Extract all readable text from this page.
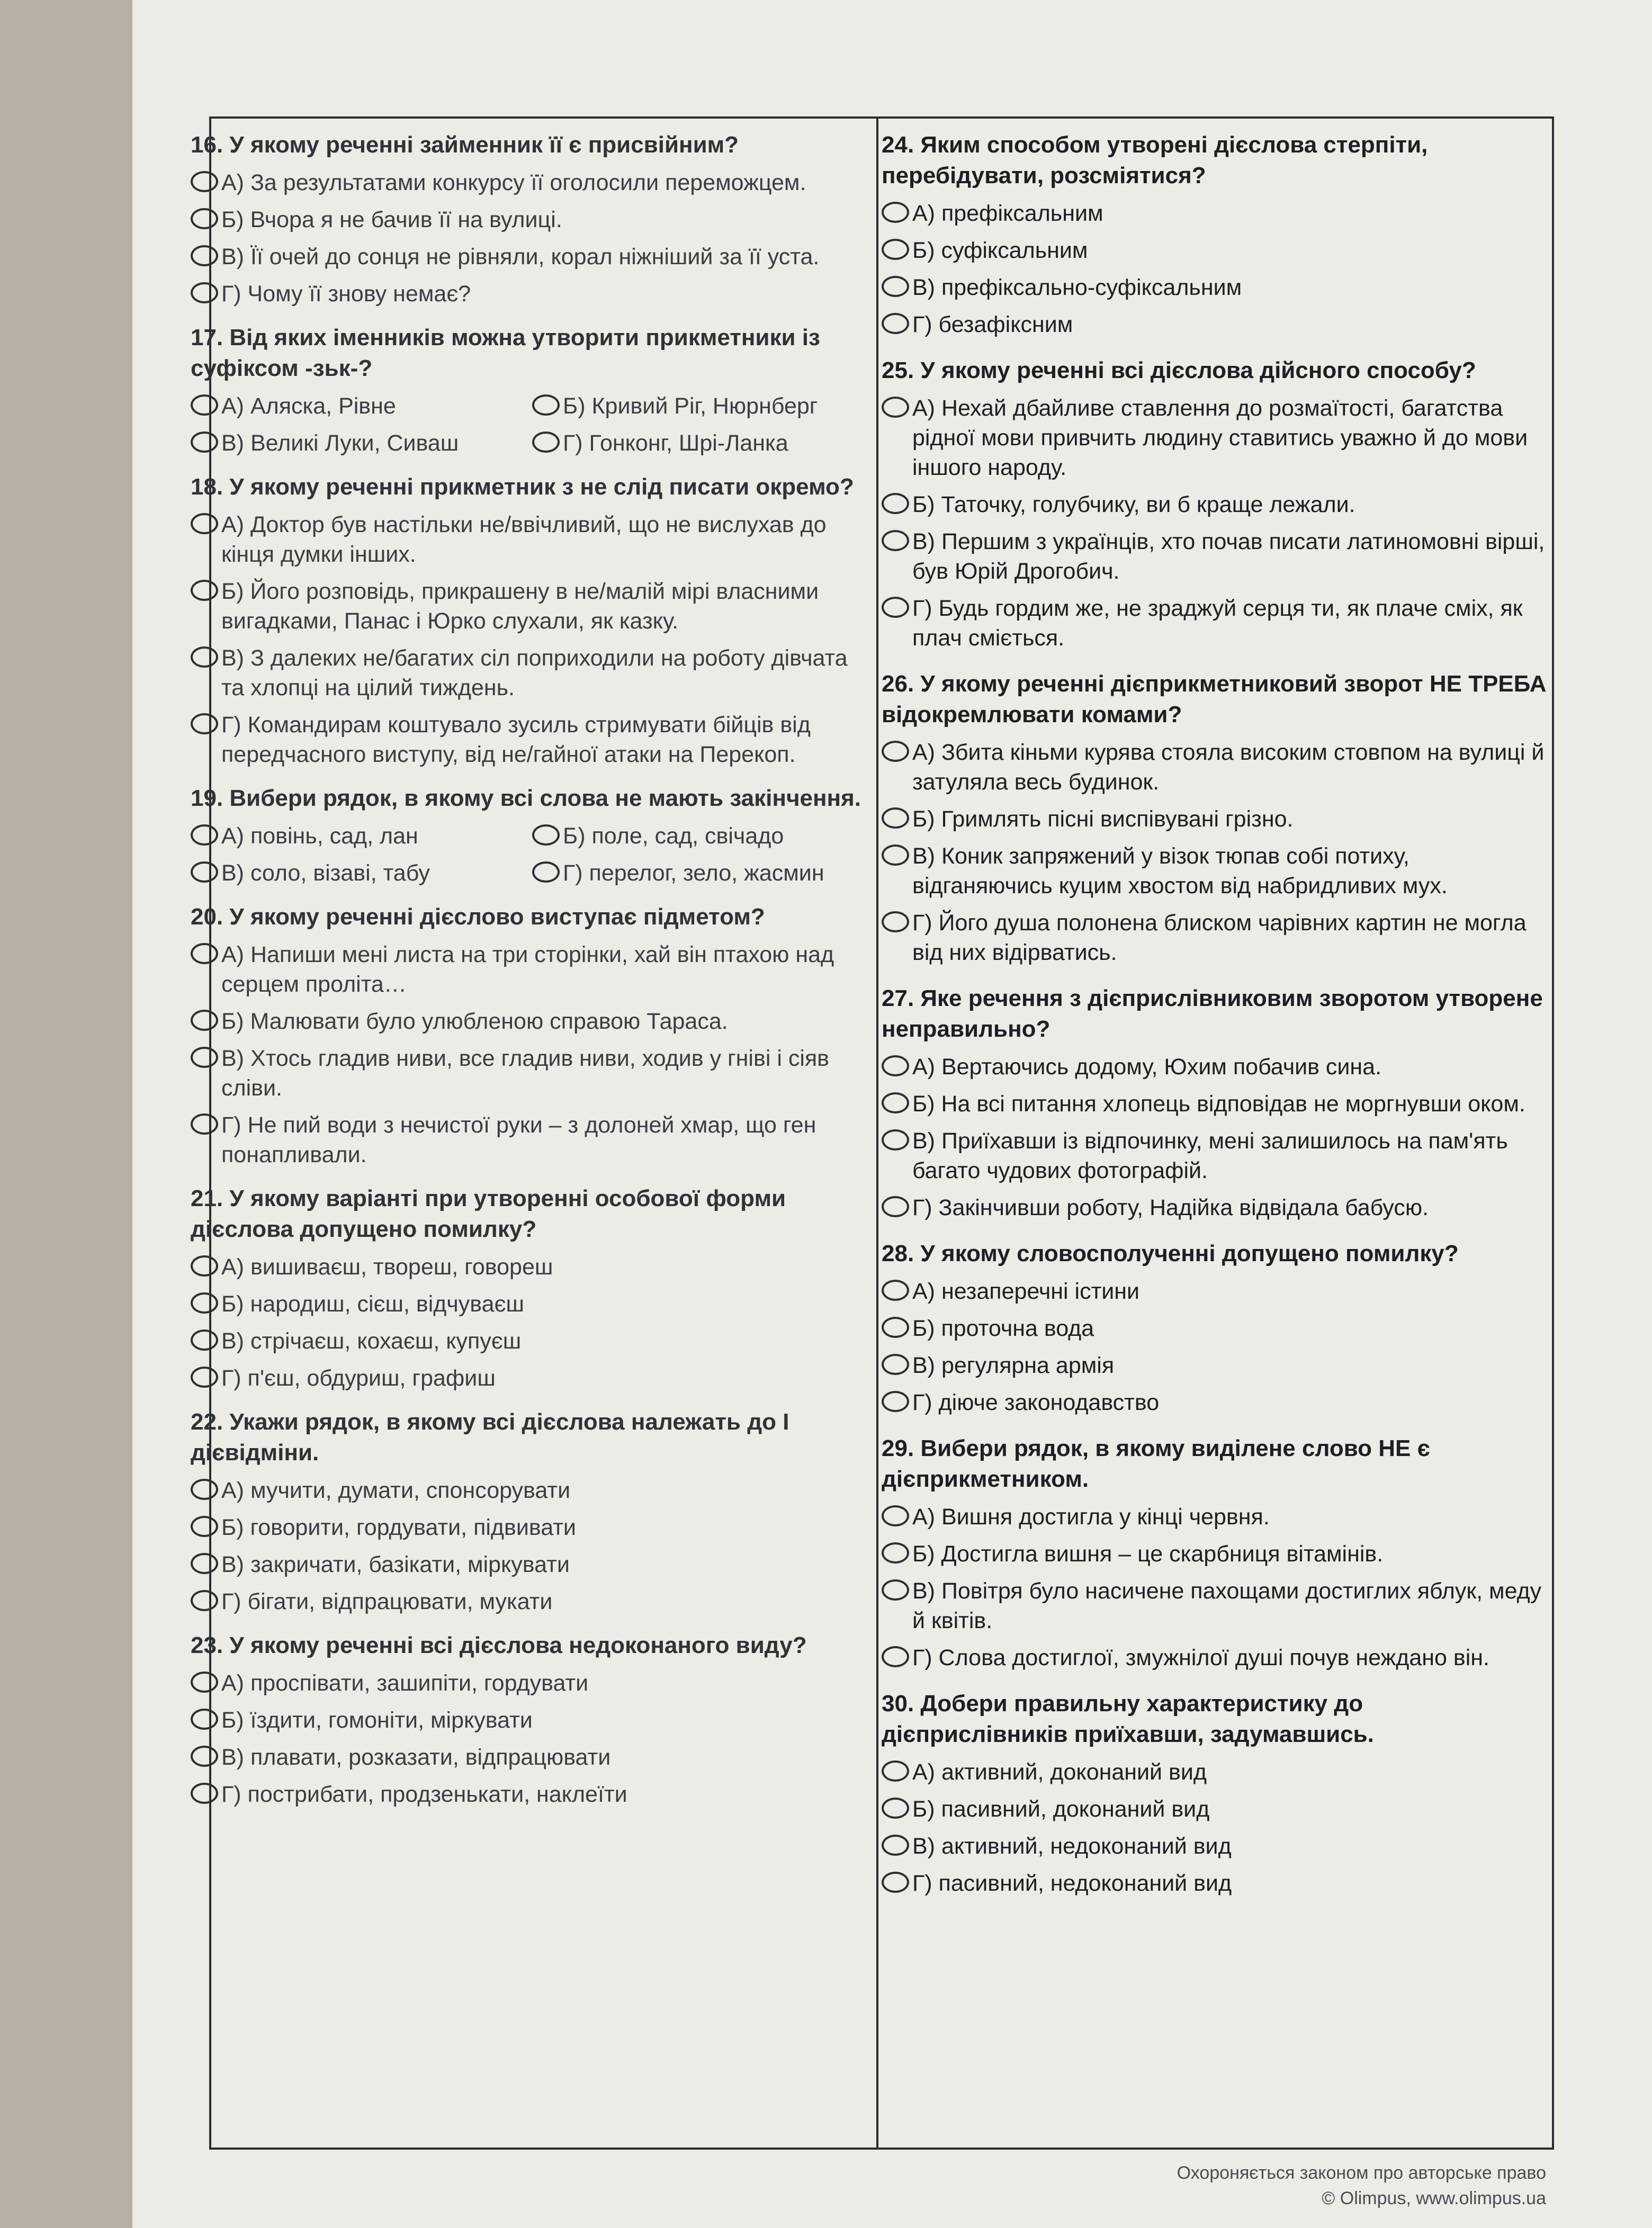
16. У якому реченні займенник її є присвійним?
А) За результатами конкурсу її оголосили переможцем.
Б) Вчора я не бачив її на вулиці.
В) Її очей до сонця не рівняли, корал ніжніший за її уста.
Г) Чому її знову немає?
17. Від яких іменників можна утворити прикметники із суфіксом -зьк-?
А) Аляска, Рівне	Б) Кривий Ріг, Нюрнберг
В) Великі Луки, Сиваш	Г) Гонконг, Шрі-Ланка
18. У якому реченні прикметник з не слід писати окремо?
А) Доктор був настільки не/ввічливий, що не вислухав до кінця думки інших.
Б) Його розповідь, прикрашену в не/малій мірі власними вигадками, Панас і Юрко слухали, як казку.
В) З далеких не/багатих сіл поприходили на роботу дівчата та хлопці на цілий тиждень.
Г) Командирам коштувало зусиль стримувати бійців від передчасного виступу, від не/гайної атаки на Перекоп.
19. Вибери рядок, в якому всі слова не мають закінчення.
А) повінь, сад, лан	Б) поле, сад, свічадо
В) соло, візаві, табу	Г) перелог, зело, жасмин
20. У якому реченні дієслово виступає підметом?
А) Напиши мені листа на три сторінки, хай він птахою над серцем проліта…
Б) Малювати було улюбленою справою Тараса.
В) Хтось гладив ниви, все гладив ниви, ходив у гніві і сіяв сліви.
Г) Не пий води з нечистої руки – з долоней хмар, що ген понапливали.
21. У якому варіанті при утворенні особової форми дієслова допущено помилку?
А) вишиваєш, твореш, говореш
Б) народиш, сієш, відчуваєш
В) стрічаєш, кохаєш, купуєш
Г) п'єш, обдуриш, графиш
22. Укажи рядок, в якому всі дієслова належать до І дієвідміни.
А) мучити, думати, спонсорувати
Б) говорити, гордувати, підвивати
В) закричати, базікати, міркувати
Г) бігати, відпрацювати, мукати
23. У якому реченні всі дієслова недоконаного виду?
А) проспівати, зашипіти, гордувати
Б) їздити, гомоніти, міркувати
В) плавати, розказати, відпрацювати
Г) пострибати, продзенькати, наклеїти
24. Яким способом утворені дієслова стерпіти, перебідувати, розсміятися?
А) префіксальним
Б) суфіксальним
В) префіксально-суфіксальним
Г) безафіксним
25. У якому реченні всі дієслова дійсного способу?
А) Нехай дбайливе ставлення до розмаїтості, багатства рідної мови привчить людину ставитись уважно й до мови іншого народу.
Б) Таточку, голубчику, ви б краще лежали.
В) Першим з українців, хто почав писати латиномовні вірші, був Юрій Дрогобич.
Г) Будь гордим же, не зраджуй серця ти, як плаче сміх, як плач сміється.
26. У якому реченні дієприкметниковий зворот НЕ ТРЕБА відокремлювати комами?
А) Збита кіньми курява стояла високим стовпом на вулиці й затуляла весь будинок.
Б) Гримлять пісні виспівувані грізно.
В) Коник запряжений у візок тюпав собі потиху, відганяючись куцим хвостом від набридливих мух.
Г) Його душа полонена блиском чарівних картин не могла від них відірватись.
27. Яке речення з дієприслівниковим зворотом утворене неправильно?
А) Вертаючись додому, Юхим побачив сина.
Б) На всі питання хлопець відповідав не моргнувши оком.
В) Приїхавши із відпочинку, мені залишилось на пам'ять багато чудових фотографій.
Г) Закінчивши роботу, Надійка відвідала бабусю.
28. У якому словосполученні допущено помилку?
А) незаперечні істини
Б) проточна вода
В) регулярна армія
Г) діюче законодавство
29. Вибери рядок, в якому виділене слово НЕ є дієприкметником.
А) Вишня достигла у кінці червня.
Б) Достигла вишня – це скарбниця вітамінів.
В) Повітря було насичене пахощами достиглих яблук, меду й квітів.
Г) Слова достиглої, змужнілої душі почув неждано він.
30. Добери правильну характеристику до дієприслівників приїхавши, задумавшись.
А) активний, доконаний вид
Б) пасивний, доконаний вид
В) активний, недоконаний вид
Г) пасивний, недоконаний вид
Охороняється законом про авторське право
© Olimpus, www.olimpus.ua
